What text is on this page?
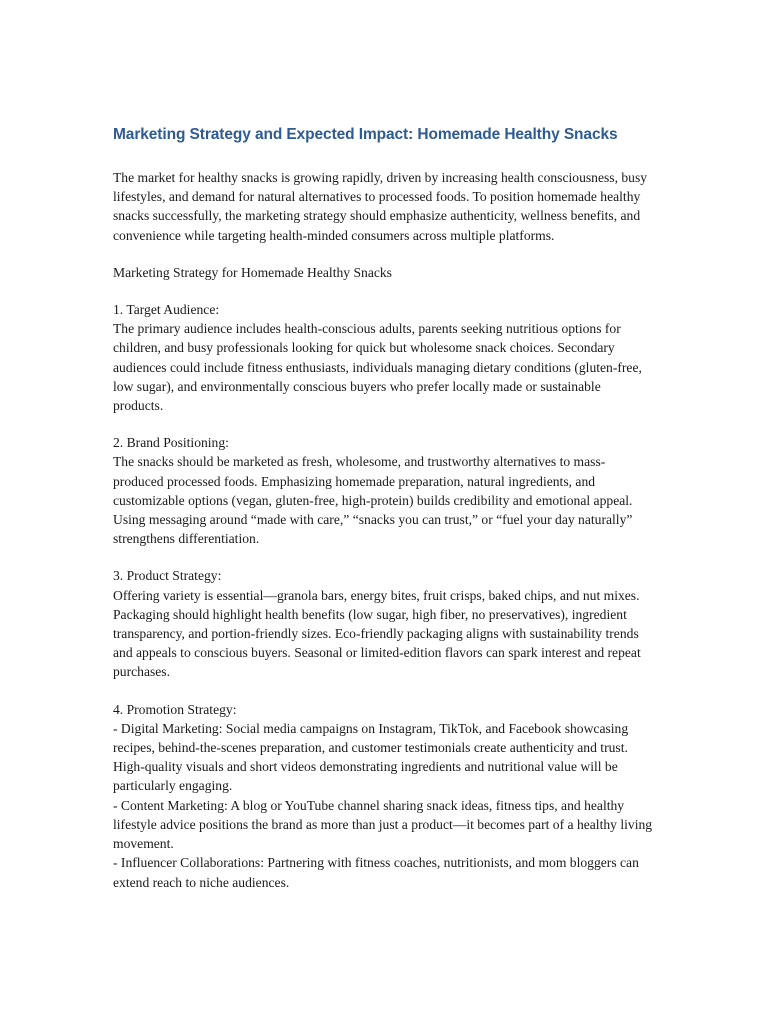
Marketing Strategy and Expected Impact: Homemade Healthy Snacks

The market for healthy snacks is growing rapidly, driven by increasing health consciousness, busy lifestyles, and demand for natural alternatives to processed foods. To position homemade healthy snacks successfully, the marketing strategy should emphasize authenticity, wellness benefits, and convenience while targeting health-minded consumers across multiple platforms.

Marketing Strategy for Homemade Healthy Snacks

1. Target Audience:

The primary audience includes health-conscious adults, parents seeking nutritious options for children, and busy professionals looking for quick but wholesome snack choices. Secondary audiences could include fitness enthusiasts, individuals managing dietary conditions (gluten-free, low sugar), and environmentally conscious buyers who prefer locally made or sustainable products.

2. Brand Positioning:

The snacks should be marketed as fresh, wholesome, and trustworthy alternatives to mass-produced processed foods. Emphasizing homemade preparation, natural ingredients, and customizable options (vegan, gluten-free, high-protein) builds credibility and emotional appeal. Using messaging around “made with care,” “snacks you can trust,” or “fuel your day naturally” strengthens differentiation.

3. Product Strategy:

Offering variety is essential—granola bars, energy bites, fruit crisps, baked chips, and nut mixes. Packaging should highlight health benefits (low sugar, high fiber, no preservatives), ingredient transparency, and portion-friendly sizes. Eco-friendly packaging aligns with sustainability trends and appeals to conscious buyers. Seasonal or limited-edition flavors can spark interest and repeat purchases.

4. Promotion Strategy:

- Digital Marketing: Social media campaigns on Instagram, TikTok, and Facebook showcasing recipes, behind-the-scenes preparation, and customer testimonials create authenticity and trust. High-quality visuals and short videos demonstrating ingredients and nutritional value will be particularly engaging.

- Content Marketing: A blog or YouTube channel sharing snack ideas, fitness tips, and healthy lifestyle advice positions the brand as more than just a product—it becomes part of a healthy living movement.

- Influencer Collaborations: Partnering with fitness coaches, nutritionists, and mom bloggers can extend reach to niche audiences.
